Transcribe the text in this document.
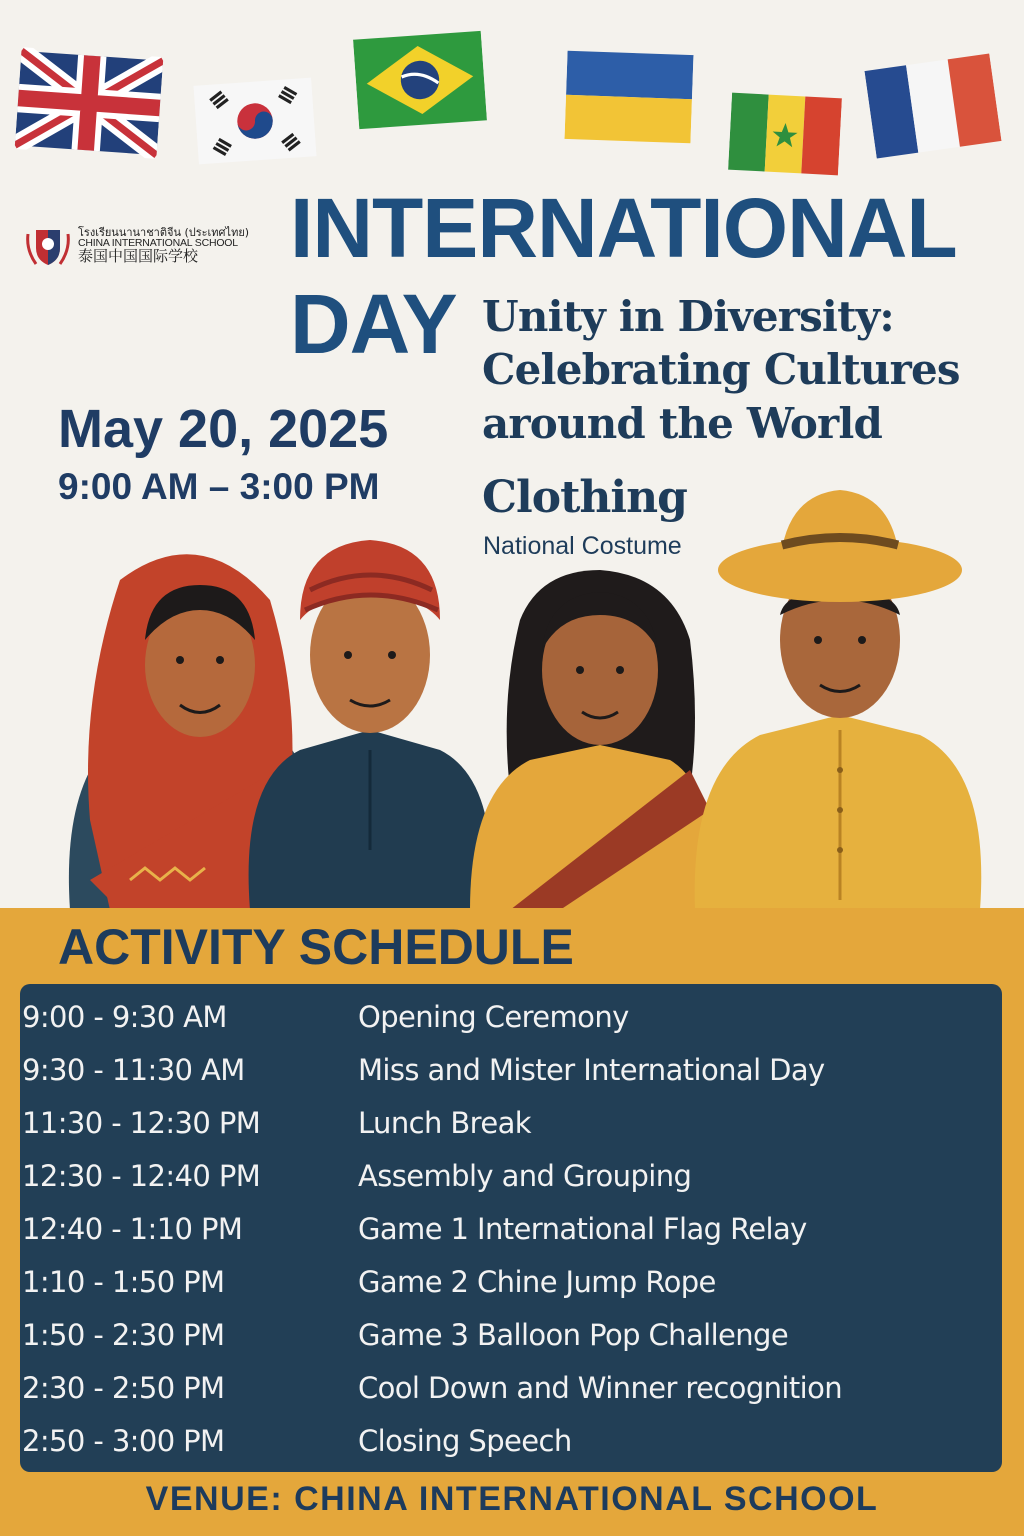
โรงเรียนนานาชาติจีน (ประเทศไทย)
CHINA INTERNATIONAL SCHOOL
泰国中国国际学校	INTERNATIONAL
DAY Unity in Diversity: Celebrating Cultures around the World
May 20, 2025
9:00 AM – 3:00 PM Clothing
National Costume
ACTIVITY SCHEDULE
9:00 - 9:30 AM	Opening Ceremony
9:30 - 11:30 AM	Miss and Mister International Day
11:30 - 12:30 PM	Lunch Break
12:30 - 12:40 PM	Assembly and Grouping
12:40 - 1:10 PM	Game 1 International Flag Relay
1:10 - 1:50 PM	Game 2 Chine Jump Rope
1:50 - 2:30 PM	Game 3 Balloon Pop Challenge
2:30 - 2:50 PM	Cool Down and Winner recognition
2:50 - 3:00 PM	Closing Speech
VENUE: CHINA INTERNATIONAL SCHOOL
